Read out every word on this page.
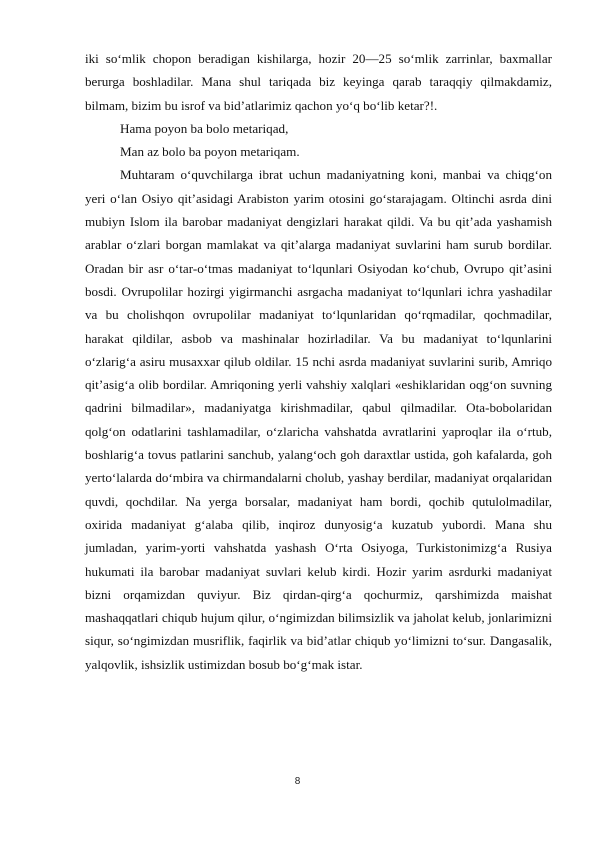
iki so‘mlik chopon beradigan kishilarga, hozir 20—25 so‘mlik zarrinlar, baxmallar berurga boshladilar. Mana shul tariqada biz keyinga qarab taraqqiy qilmakdamiz, bilmam, bizim bu isrof va bid’atlarimiz qachon yo‘q bo‘lib ketar?!.

Hama poyon ba bolo metariqad,

Man az bolo ba poyon metariqam.

Muhtaram o‘quvchilarga ibrat uchun madaniyatning koni, manbai va chiqg‘on yeri o‘lan Osiyo qit’asidagi Arabiston yarim otosini go‘starajagam. Oltinchi asrda dini mubiyn Islom ila barobar madaniyat dengizlari harakat qildi. Va bu qit’ada yashamish arablar o‘zlari borgan mamlakat va qit’alarga madaniyat suvlarini ham surub bordilar. Oradan bir asr o‘tar-o‘tmas madaniyat to‘lqunlari Osiyodan ko‘chub, Ovrupo qit’asini bosdi. Ovrupolilar hozirgi yigirmanchi asrgacha madaniyat to‘lqunlari ichra yashadilar va bu cholishqon ovrupolilar madaniyat to‘lqunlaridan qo‘rqmadilar, qochmadilar, harakat qildilar, asbob va mashinalar hozirladilar. Va bu madaniyat to‘lqunlarini o‘zlarig‘a asiru musaxxar qilub oldilar. 15 nchi asrda madaniyat suvlarini surib, Amriqo qit’asig‘a olib bordilar. Amriqoning yerli vahshiy xalqlari «eshiklaridan oqg‘on suvning qadrini bilmadilar», madaniyatga kirishmadilar, qabul qilmadilar. Ota-bobolaridan qolg‘on odatlarini tashlamadilar, o‘zlaricha vahshatda avratlarini yaproqlar ila o‘rtub, boshlarig‘a tovus patlarini sanchub, yalang‘och goh daraxtlar ustida, goh kafalarda, goh yerto‘lalarda do‘mbira va chirmandalarni cholub, yashay berdilar, madaniyat orqalaridan quvdi, qochdilar. Na yerga borsalar, madaniyat ham bordi, qochib qutulolmadilar, oxirida madaniyat g‘alaba qilib, inqiroz dunyosig‘a kuzatub yubordi. Mana shu jumladan, yarim-yorti vahshatda yashash O‘rta Osiyoga, Turkistonimizg‘a Rusiya hukumati ila barobar madaniyat suvlari kelub kirdi. Hozir yarim asrdurki madaniyat bizni orqamizdan quviyur. Biz qirdan-qirg‘a qochurmiz, qarshimizda maishat mashaqqatlari chiqub hujum qilur, o‘ngimizdan bilimsizlik va jaholat kelub, jonlarimizni siqur, so‘ngimizdan musriflik, faqirlik va bid’atlar chiqub yo‘limizni to‘sur. Dangasalik, yalqovlik, ishsizlik ustimizdan bosub bo‘g‘mak istar.

8
